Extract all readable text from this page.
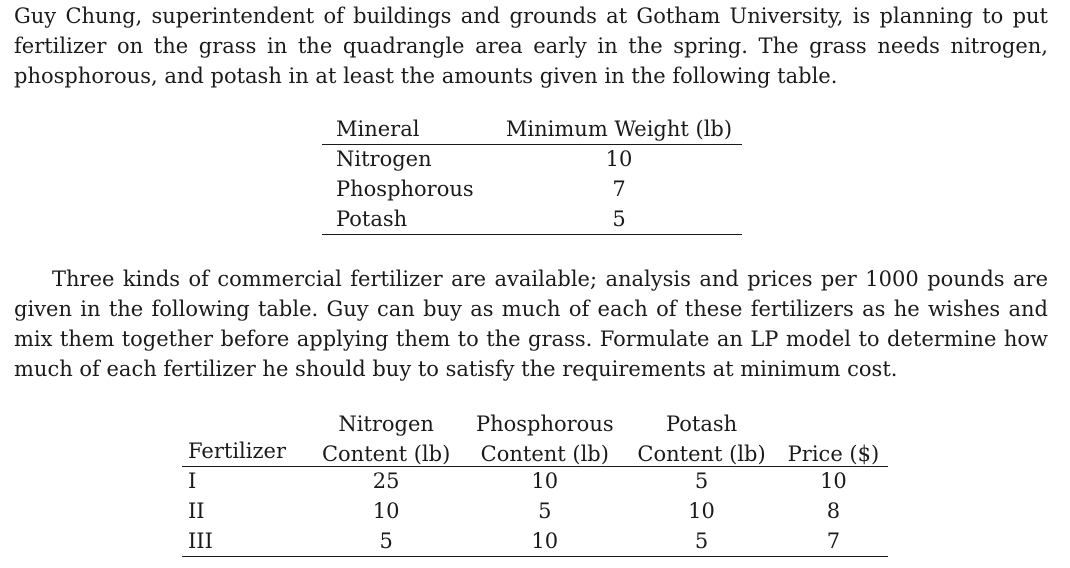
Guy Chung, superintendent of buildings and grounds at Gotham University, is planning to put fertilizer on the grass in the quadrangle area early in the spring. The grass needs nitrogen, phosphorous, and potash in at least the amounts given in the following table.

Mineral	Minimum Weight (lb)
Nitrogen	10
Phosphorous	7
Potash	5

Three kinds of commercial fertilizer are available; analysis and prices per 1000 pounds are given in the following table. Guy can buy as much of each of these fertilizers as he wishes and mix them together before applying them to the grass. Formulate an LP model to determine how much of each fertilizer he should buy to satisfy the requirements at minimum cost.

	Nitrogen	Phosphorous	Potash	
Fertilizer	Content (lb)	Content (lb)	Content (lb)	Price ($)
I	25	10	5	10
II	10	5	10	8
III	5	10	5	7
